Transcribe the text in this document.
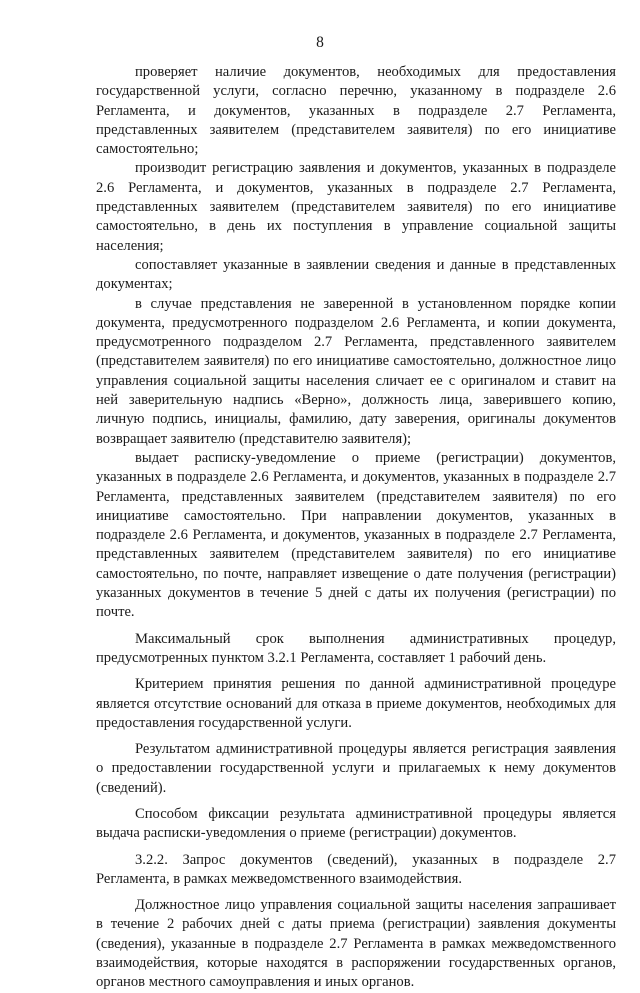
8

проверяет наличие документов, необходимых для предоставления государственной услуги, согласно перечню, указанному в подразделе 2.6 Регламента, и документов, указанных в подразделе 2.7 Регламента, представленных заявителем (представителем заявителя) по его инициативе самостоятельно;

производит регистрацию заявления и документов, указанных в подразделе 2.6 Регламента, и документов, указанных в подразделе 2.7 Регламента, представленных заявителем (представителем заявителя) по его инициативе самостоятельно, в день их поступления в управление социальной защиты населения;

сопоставляет указанные в заявлении сведения и данные в представленных документах;

в случае представления не заверенной в установленном порядке копии документа, предусмотренного подразделом 2.6 Регламента, и копии документа, предусмотренного подразделом 2.7 Регламента, представленного заявителем (представителем заявителя) по его инициативе самостоятельно, должностное лицо управления социальной защиты населения сличает ее с оригиналом и ставит на ней заверительную надпись «Верно», должность лица, заверившего копию, личную подпись, инициалы, фамилию, дату заверения, оригиналы документов возвращает заявителю (представителю заявителя);

выдает расписку-уведомление о приеме (регистрации) документов, указанных в подразделе 2.6 Регламента, и документов, указанных в подразделе 2.7 Регламента, представленных заявителем (представителем заявителя) по его инициативе самостоятельно. При направлении документов, указанных в подразделе 2.6 Регламента, и документов, указанных в подразделе 2.7 Регламента, представленных заявителем (представителем заявителя) по его инициативе самостоятельно, по почте, направляет извещение о дате получения (регистрации) указанных документов в течение 5 дней с даты их получения (регистрации) по почте.

Максимальный срок выполнения административных процедур, предусмотренных пунктом 3.2.1 Регламента, составляет 1 рабочий день.

Критерием принятия решения по данной административной процедуре является отсутствие оснований для отказа в приеме документов, необходимых для предоставления государственной услуги.

Результатом административной процедуры является регистрация заявления о предоставлении государственной услуги и прилагаемых к нему документов (сведений).

Способом фиксации результата административной процедуры является выдача расписки-уведомления о приеме (регистрации) документов.

3.2.2. Запрос документов (сведений), указанных в подразделе 2.7 Регламента, в рамках межведомственного взаимодействия.

Должностное лицо управления социальной защиты населения запрашивает в течение 2 рабочих дней с даты приема (регистрации) заявления документы (сведения), указанные в подразделе 2.7 Регламента в рамках межведомственного взаимодействия, которые находятся в распоряжении государственных органов, органов местного самоуправления и иных органов.
